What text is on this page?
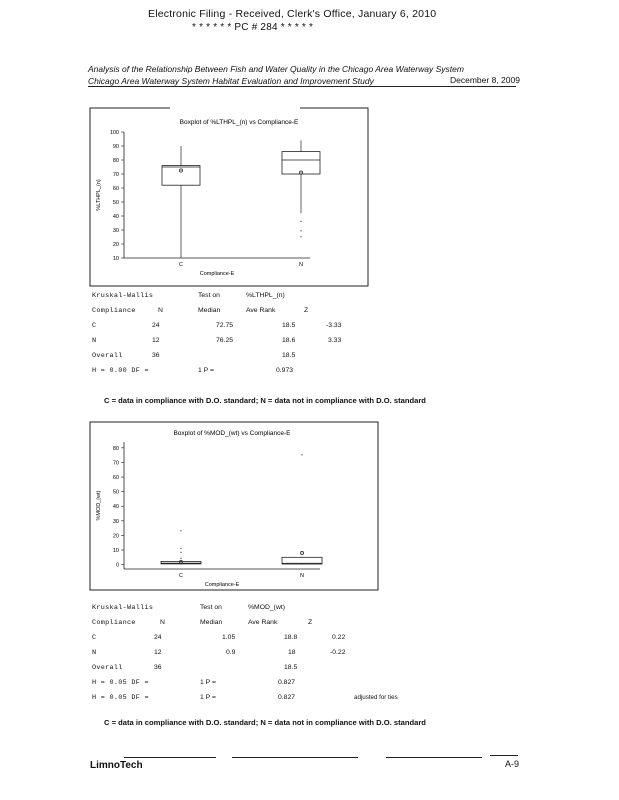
Electronic Filing - Received, Clerk's Office, January 6, 2010
* * * * * * PC # 284 * * * * *
Analysis of the Relationship Between Fish and Water Quality in the Chicago Area Waterway System
Chicago Area Waterway System Habitat Evaluation and Improvement Study	December 8, 2009
Boxplot of %LTHPL_(n) vs Compliance-E
10
20
30
40
50
60
70
80
90
100
%LTHPL_(n)
Compliance-E
C
*
*
*
N
Kruskal-Wallis	Test on	%LTHPL_(n)
Compliance	N	Median	Ave Rank	Z
C	24	72.75	18.5	-3.33
N	12	76.25	18.6	3.33
Overall	36	18.5
H = 0.00 DF =	1 P =	0.973
C = data in compliance with D.O. standard; N = data not in compliance with D.O. standard
Boxplot of %MOD_(wt) vs Compliance-E
0
10
20
30
40
50
60
70
80
%MOD_(wt)
Compliance-E
*
*
*
*
C
*
N
Kruskal-Wallis	Test on	%MOD_(wt)
Compliance	N	Median	Ave Rank	Z
C	24	1.05	18.8	0.22
N	12	0.9	18	-0.22
Overall	36	18.5
H = 0.05 DF =	1 P =	0.827
H = 0.05 DF =	1 P =	0.827	adjusted for ties
C = data in compliance with D.O. standard; N = data not in compliance with D.O. standard
LimnoTech	A-9
